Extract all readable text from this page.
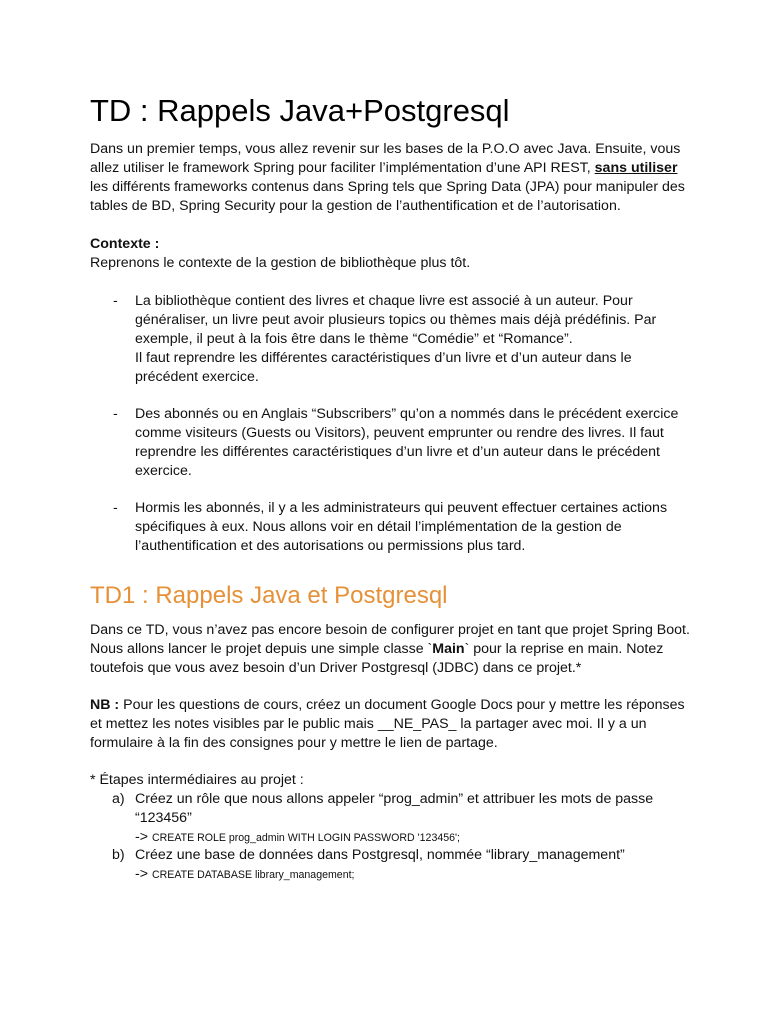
TD : Rappels Java+Postgresql

Dans un premier temps, vous allez revenir sur les bases de la P.O.O avec Java. Ensuite, vous
allez utiliser le framework Spring pour faciliter l’implémentation d’une API REST, sans utiliser
les différents frameworks contenus dans Spring tels que Spring Data (JPA) pour manipuler des
tables de BD, Spring Security pour la gestion de l’authentification et de l’autorisation.

Contexte :
Reprenons le contexte de la gestion de bibliothèque plus tôt.

- La bibliothèque contient des livres et chaque livre est associé à un auteur. Pour
généraliser, un livre peut avoir plusieurs topics ou thèmes mais déjà prédéfinis. Par
exemple, il peut à la fois être dans le thème “Comédie” et “Romance”.
Il faut reprendre les différentes caractéristiques d’un livre et d’un auteur dans le
précédent exercice.
- Des abonnés ou en Anglais “Subscribers” qu’on a nommés dans le précédent exercice
comme visiteurs (Guests ou Visitors), peuvent emprunter ou rendre des livres. Il faut
reprendre les différentes caractéristiques d’un livre et d’un auteur dans le précédent
exercice.
- Hormis les abonnés, il y a les administrateurs qui peuvent effectuer certaines actions
spécifiques à eux. Nous allons voir en détail l’implémentation de la gestion de
l’authentification et des autorisations ou permissions plus tard.
TD1 : Rappels Java et Postgresql

Dans ce TD, vous n’avez pas encore besoin de configurer projet en tant que projet Spring Boot.
Nous allons lancer le projet depuis une simple classe `Main` pour la reprise en main. Notez
toutefois que vous avez besoin d’un Driver Postgresql (JDBC) dans ce projet.*

NB : Pour les questions de cours, créez un document Google Docs pour y mettre les réponses
et mettez les notes visibles par le public mais __NE_PAS_ la partager avec moi. Il y a un
formulaire à la fin des consignes pour y mettre le lien de partage.

* Étapes intermédiaires au projet :

a) Créez un rôle que nous allons appeler “prog_admin” et attribuer les mots de passe
“123456”
-> CREATE ROLE prog_admin WITH LOGIN PASSWORD '123456';
b) Créez une base de données dans Postgresql, nommée “library_management”
-> CREATE DATABASE library_management;
